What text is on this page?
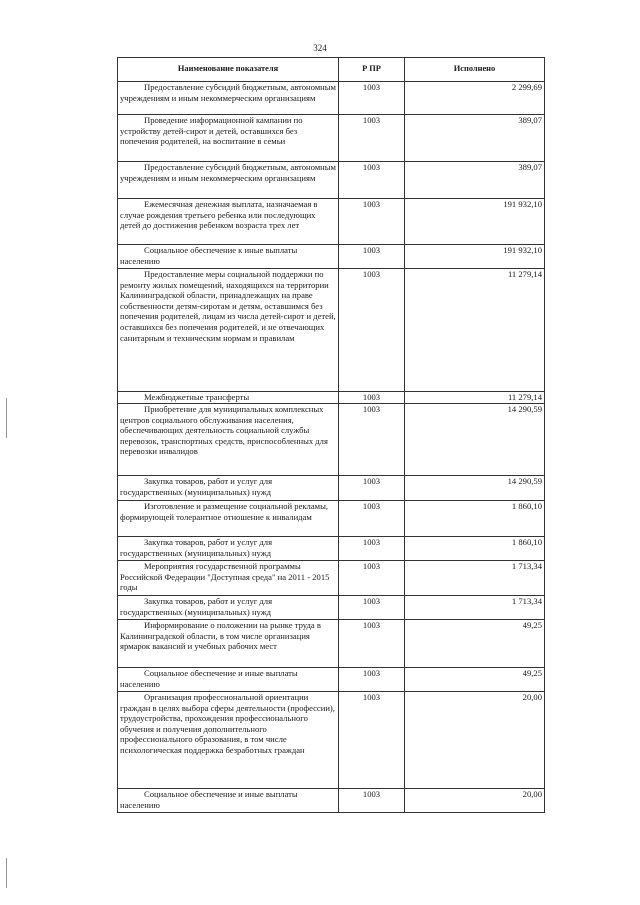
324
Наименование показателя	Р ПР	Исполнено

Предоставление субсидий бюджетным, автономным учреждениям и иным некоммерческим организациям	1003	2 299,69

Проведение информационной кампании по устройству детей-сирот и детей, оставшихся без попечения родителей, на воспитание в семьи	1003	389,07

Предоставление субсидий бюджетным, автономным учреждениям и иным некоммерческим организациям	1003	389,07

Ежемесячная денежная выплата, назначаемая в случае рождения третьего ребенка или последующих детей до достижения ребенком возраста трех лет	1003	191 932,10

Социальное обеспечение к иные выплаты населению	1003	191 932,10

Предоставление меры социальной поддержки по ремонту жилых помещений, находящихся на территории Калининградской области, принадлежащих на праве собственности детям-сиротам и детям, оставшимся без попечения родителей, лицам из числа детей-сирот и детей, оставшихся без попечения родителей, и не отвечающих санитарным и техническим нормам и правилам	1003	11 279,14

Межбюджетные трансферты	1003	11 279,14

Приобретение для муниципальных комплексных центров социального обслуживания населения, обеспечивающих деятельность социальной службы перевозок, транспортных средств, приспособленных для перевозки инвалидов	1003	14 290,59

Закупка товаров, работ и услуг для государственных (муниципальных) нужд	1003	14 290,59

Изготовление и размещение социальной рекламы, формирующей толерантное отношение к инвалидам	1003	1 860,10

Закупка товаров, работ и услуг для государственных (муниципальных) нужд	1003	1 860,10

Мероприятия государственной программы Российской Федерации "Доступная среда" на 2011 - 2015 годы	1003	1 713,34

Закупка товаров, работ и услуг для государственных (муниципальных) нужд	1003	1 713,34

Информирование о положении на рынке труда в Калининградской области, в том числе организация ярмарок вакансий и учебных рабочих мест	1003	49,25

Социальное обеспечение и иные выплаты населению	1003	49,25

Организация профессиональной ориентации граждан в целях выбора сферы деятельности (профессии), трудоустройства, прохождения профессионального обучения и получения дополнительного профессионального образования, в том числе психологическая поддержка безработных граждан	1003	20,00

Социальное обеспечение и иные выплаты населению	1003	20,00
